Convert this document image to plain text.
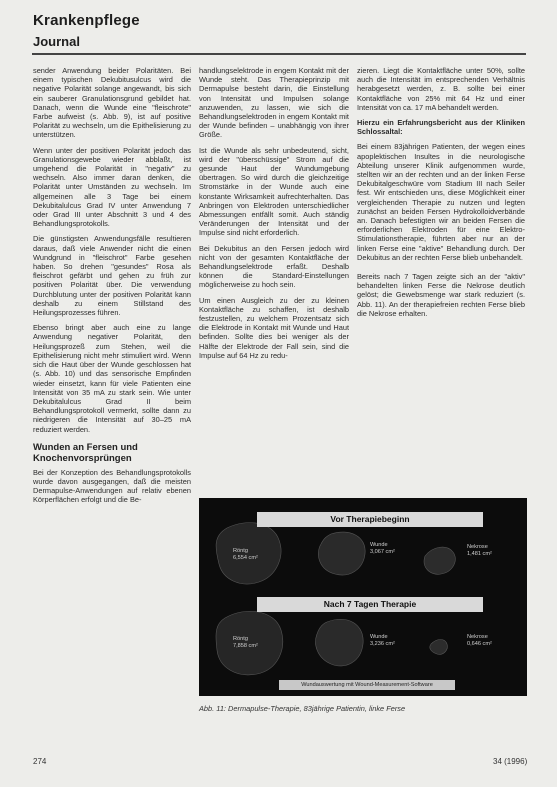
Krankenpflege
Journal

sender Anwendung beider Polaritäten. Bei einem typischen Dekubitusulcus wird die negative Polarität solange angewandt, bis sich ein sauberer Granulationsgrund gebildet hat. Danach, wenn die Wunde eine "fleischrote" Farbe aufweist (s. Abb. 9), ist auf positive Polarität zu wechseln, um die Epithelisierung zu unterstützen.

Wenn unter der positiven Polarität jedoch das Granulationsgewebe wieder abblaßt, ist umgehend die Polarität in "negativ" zu wechseln. Also immer daran denken, die Polarität unter Umständen zu wechseln. Im allgemeinen alle 3 Tage bei einem Dekubitalulcus Grad IV unter Anwendung 7 oder Grad III unter Abschnitt 3 und 4 des Behandlungsprotokolls.

Die günstigsten Anwendungsfälle resultieren daraus, daß viele Anwender nicht die einen Wundgrund in "fleischrot" Farbe gesehen haben. So drehen "gesundes" Rosa als fleischrot gefärbt und gehen zu früh zur positiven Polarität über. Die verwendung Durchblutung unter der positiven Polarität kann deshalb zu einem Stillstand des Heilungsprozesses führen.

Ebenso bringt aber auch eine zu lange Anwendung negativer Polarität, den Heilungsprozeß zum Stehen, weil die Epithelisierung nicht mehr stimuliert wird. Wenn sich die Haut über der Wunde geschlossen hat (s. Abb. 10) und das sensorische Empfinden wieder einsetzt, kann für viele Patienten eine Intensität von 35 mA zu stark sein. Wie unter Dekubitalulcus Grad II beim Behandlungsprotokoll vermerkt, sollte dann zu niedrigeren die Intensität auf 30–25 mA reduziert werden.

Wunden an Fersen und Knochenvorsprüngen

Bei der Konzeption des Behandlungsprotokolls wurde davon ausgegangen, daß die meisten Dermapulse-Anwendungen auf relativ ebenen Körperflächen erfolgt und die Be-

handlungselektrode in engem Kontakt mit der Wunde steht. Das Therapieprinzip mit Dermapulse besteht darin, die Einstellung von Intensität und Impulsen solange anzuwenden, zu lassen, wie sich die Behandlungselektroden in engem Kontakt mit der Wunde befinden – unabhängig von ihrer Größe.

Ist die Wunde als sehr unbedeutend, sicht, wird der "überschüssige" Strom auf die gesunde Haut der Wundumgebung übertragen. So wird durch die gleichzeitige Stromstärke in der Wunde auch eine konstante Wirksamkeit aufrechterhalten. Das Anbringen von Elektroden unterschiedlicher Abmessungen entfällt somit. Auch ständig Veränderungen der Intensität und der Impulse sind nicht erforderlich.

Bei Dekubitus an den Fersen jedoch wird nicht von der gesamten Kontaktfläche der Behandlungselektrode erfaßt. Deshalb können die Standard-Einstellungen möglicherweise zu hoch sein.

Um einen Ausgleich zu der zu kleinen Kontaktfläche zu schaffen, ist deshalb festzustellen, zu welchem Prozentsatz sich die Elektrode in Kontakt mit Wunde und Haut befinden. Sollte dies bei weniger als der Hälfte der Elektrode der Fall sein, sind die Impulse auf 64 Hz zu redu-

zieren. Liegt die Kontaktfläche unter 50%, sollte auch die Intensität im entsprechenden Verhältnis herabgesetzt werden, z. B. sollte bei einer Kontaktfläche von 25% mit 64 Hz und einer Intensität von ca. 17 mA behandelt werden.

Hierzu ein Erfahrungsbericht aus der Kliniken Schlossaltal:

Bei einem 83jährigen Patienten, der wegen eines apoplektischen Insultes in die neurologische Abteilung unserer Klinik aufgenommen wurde, stellten wir an der rechten und an der linken Ferse Dekubitalgeschwüre vom Stadium III nach Seiler fest. Wir entschieden uns, diese Möglichkeit einer vergleichenden Therapie zu nutzen und legten zunächst an beiden Fersen Hydrokolloidverbände an. Danach befestigten wir an beiden Fersen die erforderlichen Elektroden für eine Elektro-Stimulationstherapie, führten aber nur an der linken Ferse eine "aktive" Behandlung durch. Der Dekubitus an der rechten Ferse blieb unbehandelt.

Bereits nach 7 Tagen zeigte sich an der "aktiv" behandelten linken Ferse die Nekrose deutlich gelöst; die Gewebsmenge war stark reduziert (s. Abb. 11). An der therapiefreien rechten Ferse blieb die Nekrose erhalten.

Vor Therapiebeginn
Nach 7 Tagen Therapie
Röntg
6,554 cm²
Wunde
3,067 cm²
Nekrose
1,481 cm²
Röntg
7,858 cm²
Wunde
3,236 cm²
Nekrose
0,646 cm²
Wundauswertung mit Wound-Measurement-Software
Abb. 11: Dermapulse-Therapie, 83jährige Patientin, linke Ferse
274	34 (1996)
